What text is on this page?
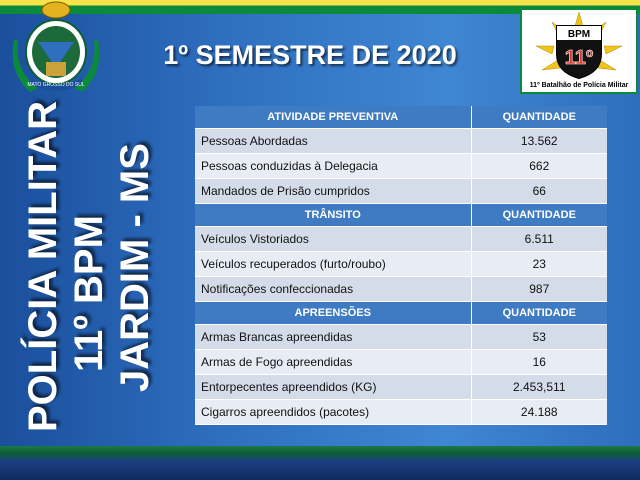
MATO GROSSO DO SUL
1º SEMESTRE DE 2020
BPM
11º
11º Batalhão de Polícia Militar
POLÍCIA MILITAR 11º BPM JARDIM - MS
ATIVIDADE PREVENTIVA	QUANTIDADE
Pessoas Abordadas	13.562
Pessoas conduzidas à Delegacia	662
Mandados de Prisão cumpridos	66
TRÂNSITO	QUANTIDADE
Veículos Vistoriados	6.511
Veículos recuperados (furto/roubo)	23
Notificações confeccionadas	987
APREENSÕES	QUANTIDADE
Armas Brancas apreendidas	53
Armas de Fogo apreendidas	16
Entorpecentes apreendidos (KG)	2.453,511
Cigarros apreendidos (pacotes)	24.188
